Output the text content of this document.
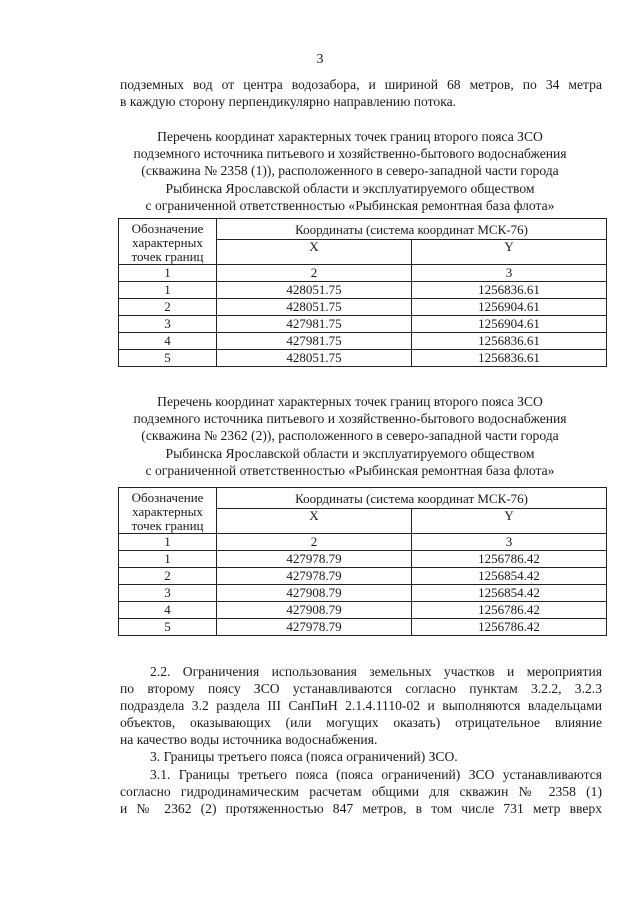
3
подземных вод от центра водозабора, и шириной 68 метров, по 34 метра
в каждую сторону перпендикулярно направлению потока.
Перечень координат характерных точек границ второго пояса ЗСО
подземного источника питьевого и хозяйственно-бытового водоснабжения
(скважина № 2358 (1)), расположенного в северо-западной части города
Рыбинска Ярославской области и эксплуатируемого обществом
с ограниченной ответственностью «Рыбинская ремонтная база флота»
Обозначение
характерных
точек границ	Координаты (система координат МСК-76)	
	X	Y
1	2	3
1	428051.75	1256836.61
2	428051.75	1256904.61
3	427981.75	1256904.61
4	427981.75	1256836.61
5	428051.75	1256836.61
Перечень координат характерных точек границ второго пояса ЗСО
подземного источника питьевого и хозяйственно-бытового водоснабжения
(скважина № 2362 (2)), расположенного в северо-западной части города
Рыбинска Ярославской области и эксплуатируемого обществом
с ограниченной ответственностью «Рыбинская ремонтная база флота»
Обозначение
характерных
точек границ	Координаты (система координат МСК-76)	
	X	Y
1	2	3
1	427978.79	1256786.42
2	427978.79	1256854.42
3	427908.79	1256854.42
4	427908.79	1256786.42
5	427978.79	1256786.42
2.2. Ограничения использования земельных участков и мероприятия
по второму поясу ЗСО устанавливаются согласно пунктам 3.2.2, 3.2.3
подраздела 3.2 раздела III СанПиН 2.1.4.1110-02 и выполняются владельцами
объектов, оказывающих (или могущих оказать) отрицательное влияние
на качество воды источника водоснабжения.
3. Границы третьего пояса (пояса ограничений) ЗСО.
3.1. Границы третьего пояса (пояса ограничений) ЗСО устанавливаются
согласно гидродинамическим расчетам общими для скважин № 2358 (1)
и № 2362 (2) протяженностью 847 метров, в том числе 731 метр вверх
